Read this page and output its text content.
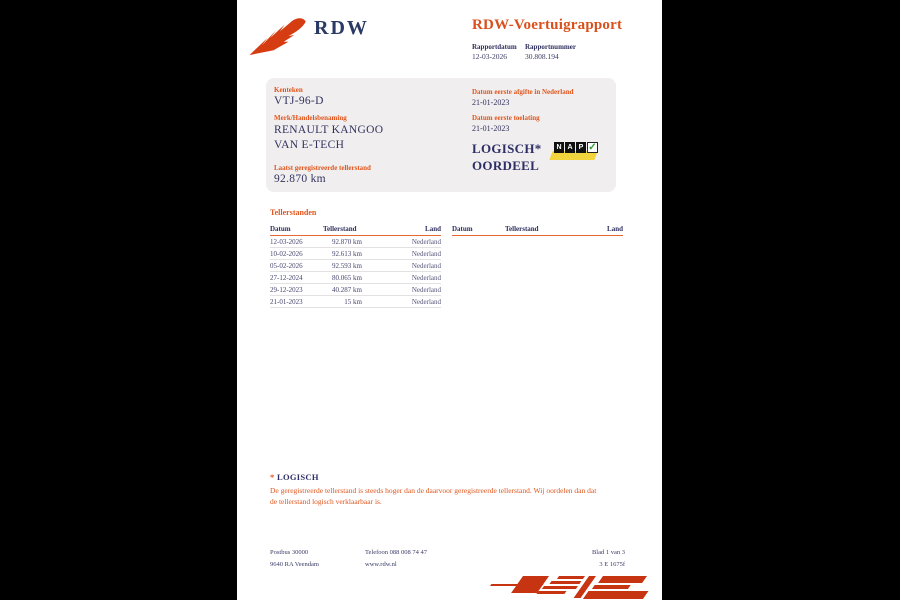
RDW	RDW-Voertuigrapport
Rapportdatum Rapportnummer
12-03-2026 30.808.194
Kenteken
VTJ-96-D
Merk/Handelsbenaming
RENAULT KANGOO
VAN E-TECH
Laatst geregistreerde tellerstand
92.870 km
Datum eerste afgifte in Nederland
21-01-2023
Datum eerste toelating
21-01-2023
LOGISCH*
OORDEEL
N A P ✓
Tellerstanden
Datum	Tellerstand	Land
12-03-2026	92.870 km	Nederland
10-02-2026	92.613 km	Nederland
05-02-2026	92.593 km	Nederland
27-12-2024	80.065 km	Nederland
29-12-2023	40.287 km	Nederland
21-01-2023	15 km	Nederland
Datum	Tellerstand	Land
* LOGISCH
De geregistreerde tellerstand is steeds hoger dan de daarvoor geregistreerde tellerstand. Wij oordelen dan dat de tellerstand logisch verklaarbaar is.
Postbus 30000
9640 RA Veendam
Telefoon 088 008 74 47
www.rdw.nl
Blad 1 van 3
3 E 1675f
